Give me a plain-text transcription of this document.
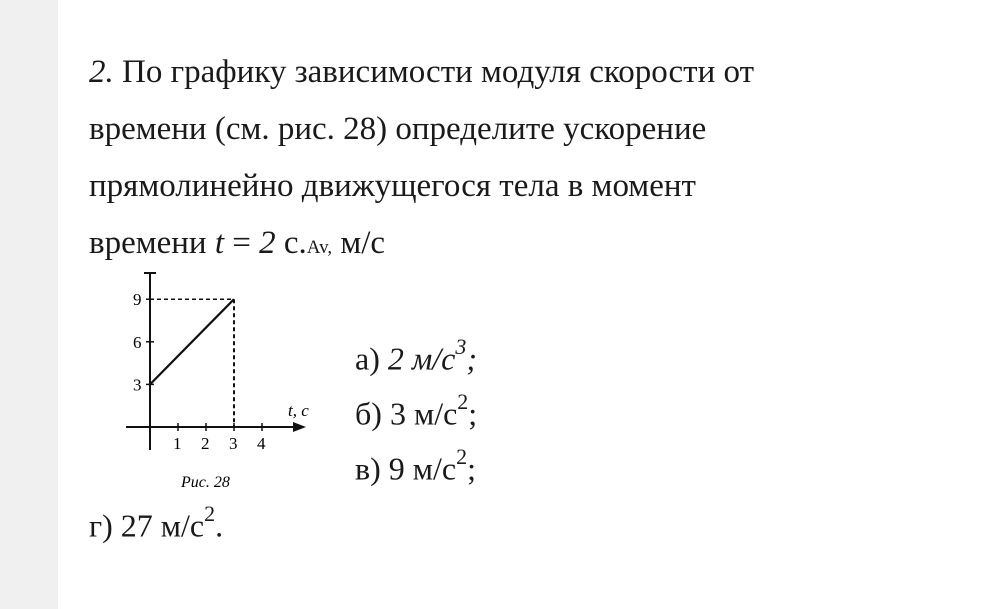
2. По графику зависимости модуля скорости от
времени (см. рис. 28) определите ускорение
прямолинейно движущегося тела в момент
времени t = 2 с.Av, м/с
1 2 3 4
9
6
3
t, с
Рис. 28
а) 2 $м/с^3$;
б) 3 $м/с^2$;
в) 9 $м/с^2$;
г) 27 $м/с^2$.
